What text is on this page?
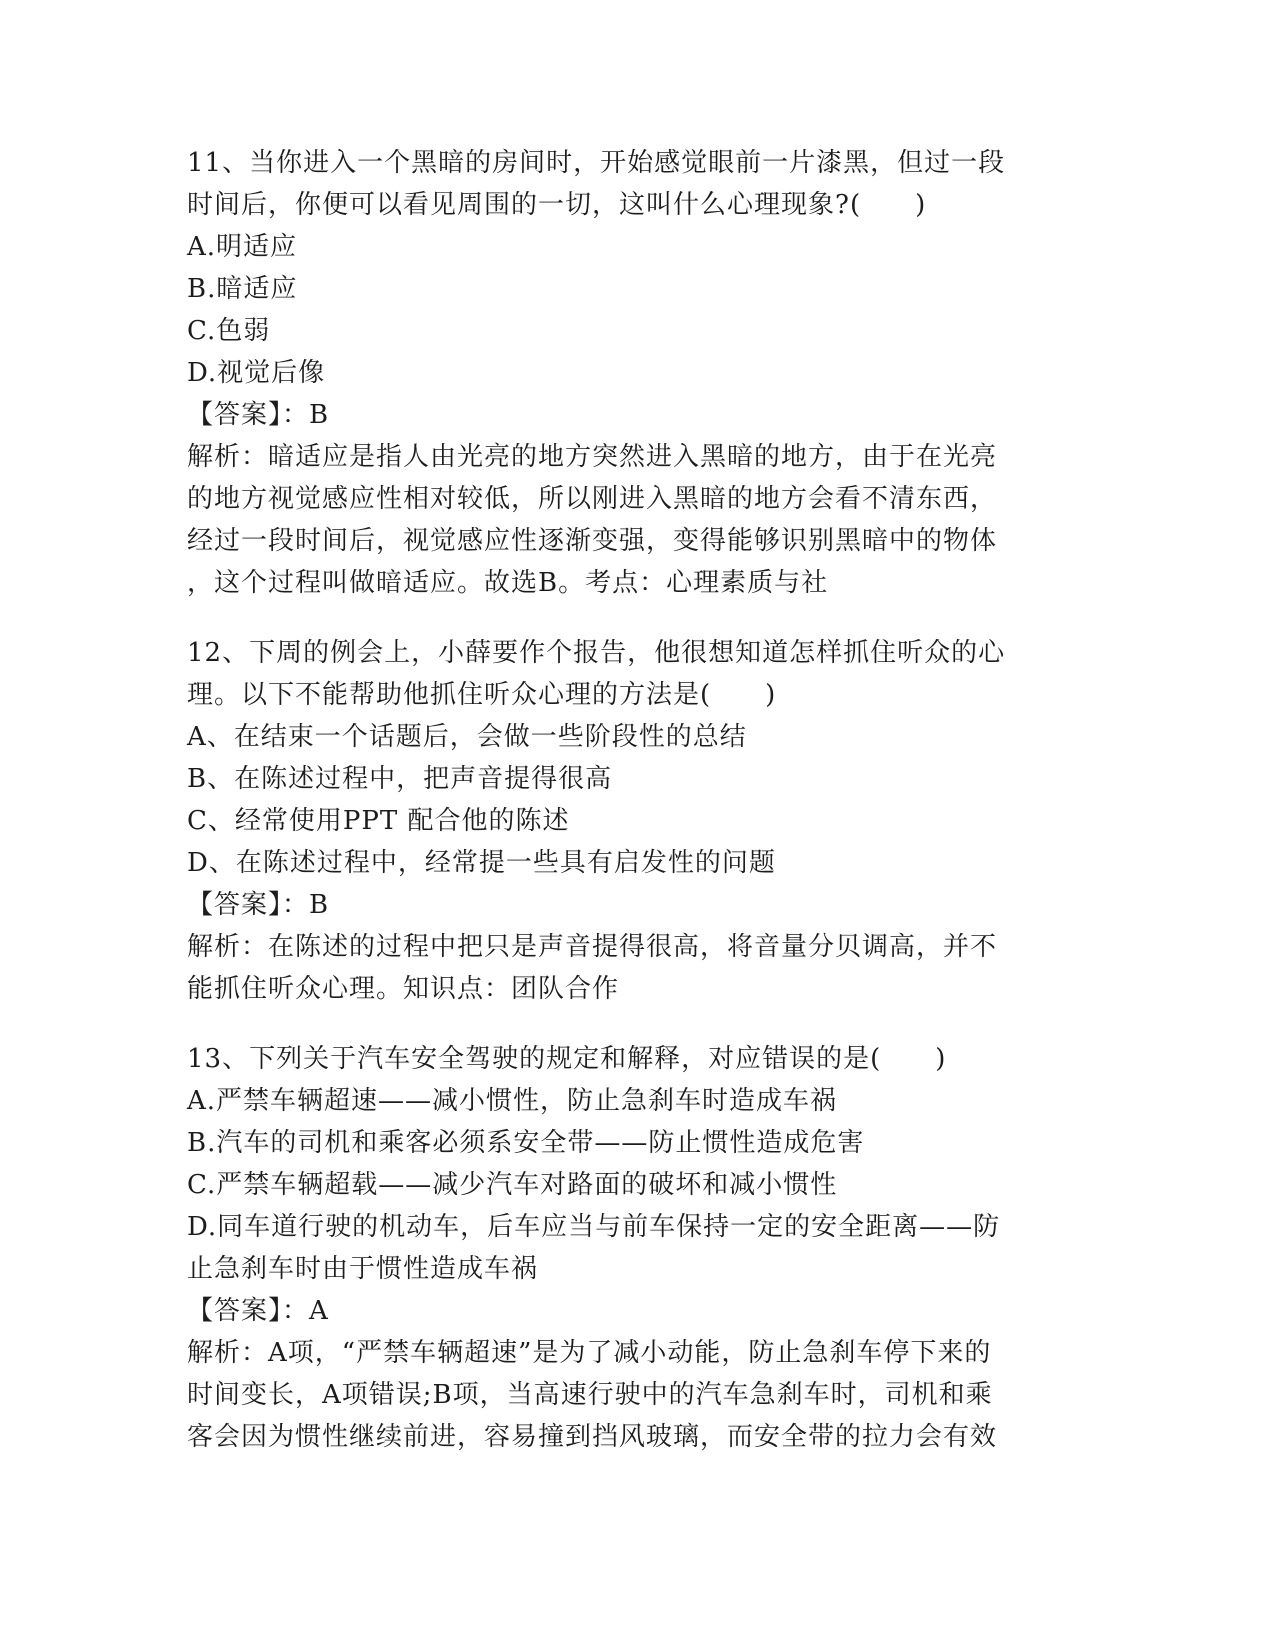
11、当你进入一个黑暗的房间时，开始感觉眼前一片漆黑，但过一段
时间后，你便可以看见周围的一切，这叫什么心理现象?(　　)
A.明适应
B.暗适应
C.色弱
D.视觉后像
【答案】：B
解析：暗适应是指人由光亮的地方突然进入黑暗的地方，由于在光亮
的地方视觉感应性相对较低，所以刚进入黑暗的地方会看不清东西，
经过一段时间后，视觉感应性逐渐变强，变得能够识别黑暗中的物体
，这个过程叫做暗适应。故选B。考点：心理素质与社
12、下周的例会上，小薛要作个报告，他很想知道怎样抓住听众的心
理。以下不能帮助他抓住听众心理的方法是(　　)
A、在结束一个话题后，会做一些阶段性的总结
B、在陈述过程中，把声音提得很高
C、经常使用PPT 配合他的陈述
D、在陈述过程中，经常提一些具有启发性的问题
【答案】：B
解析：在陈述的过程中把只是声音提得很高，将音量分贝调高，并不
能抓住听众心理。知识点：团队合作
13、下列关于汽车安全驾驶的规定和解释，对应错误的是(　　)
A.严禁车辆超速——减小惯性，防止急刹车时造成车祸
B.汽车的司机和乘客必须系安全带——防止惯性造成危害
C.严禁车辆超载——减少汽车对路面的破坏和减小惯性
D.同车道行驶的机动车，后车应当与前车保持一定的安全距离——防
止急刹车时由于惯性造成车祸
【答案】：A
解析：A项，“严禁车辆超速”是为了减小动能，防止急刹车停下来的
时间变长，A项错误;B项，当高速行驶中的汽车急刹车时，司机和乘
客会因为惯性继续前进，容易撞到挡风玻璃，而安全带的拉力会有效
